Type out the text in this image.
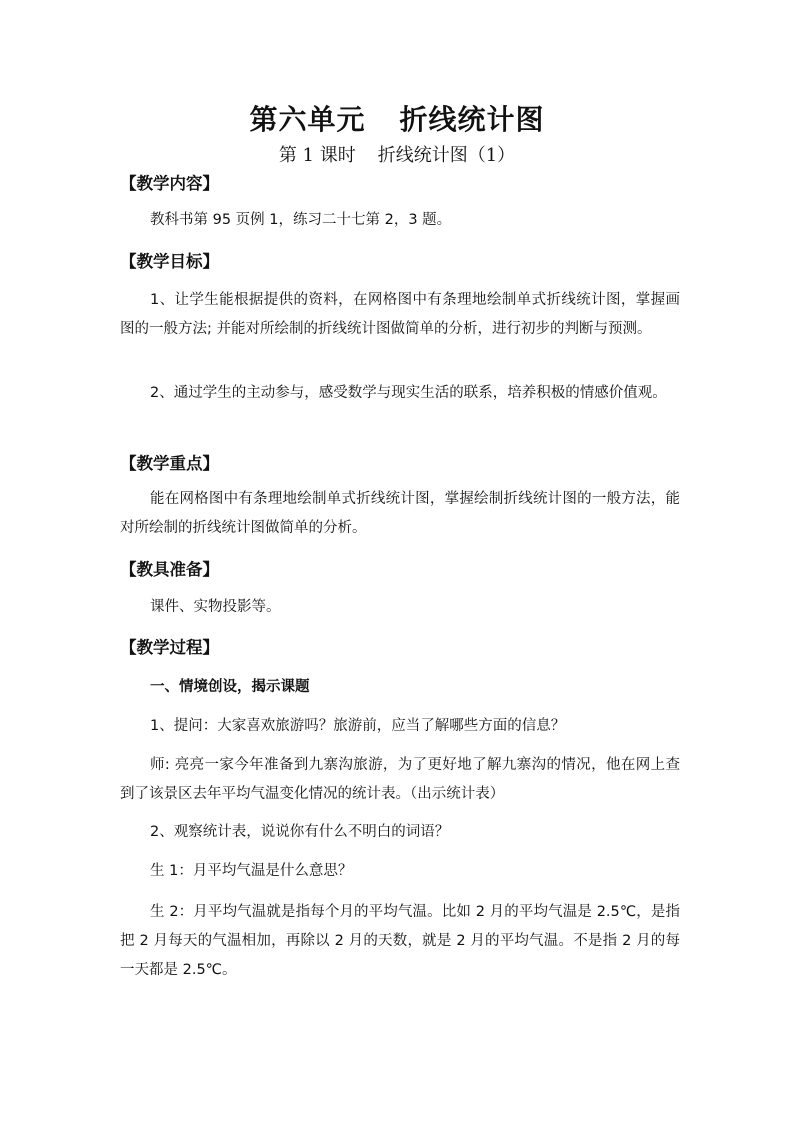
第六单元 折线统计图
第 1 课时 折线统计图（1）
【教学内容】
教科书第 95 页例 1，练习二十七第 2，3 题。
【教学目标】
1、让学生能根据提供的资料，在网格图中有条理地绘制单式折线统计图，掌握画图的一般方法; 并能对所绘制的折线统计图做简单的分析，进行初步的判断与预测。
2、通过学生的主动参与，感受数学与现实生活的联系，培养积极的情感价值观。
【教学重点】
能在网格图中有条理地绘制单式折线统计图，掌握绘制折线统计图的一般方法，能对所绘制的折线统计图做简单的分析。
【教具准备】
课件、实物投影等。
【教学过程】
一、情境创设，揭示课题
1、提问：大家喜欢旅游吗？旅游前，应当了解哪些方面的信息？
师: 亮亮一家今年准备到九寨沟旅游，为了更好地了解九寨沟的情况，他在网上查到了该景区去年平均气温变化情况的统计表。（出示统计表）
2、观察统计表，说说你有什么不明白的词语？
生 1：月平均气温是什么意思？
生 2：月平均气温就是指每个月的平均气温。比如 2 月的平均气温是 2.5℃，是指把 2 月每天的气温相加，再除以 2 月的天数，就是 2 月的平均气温。不是指 2 月的每一天都是 2.5℃。
